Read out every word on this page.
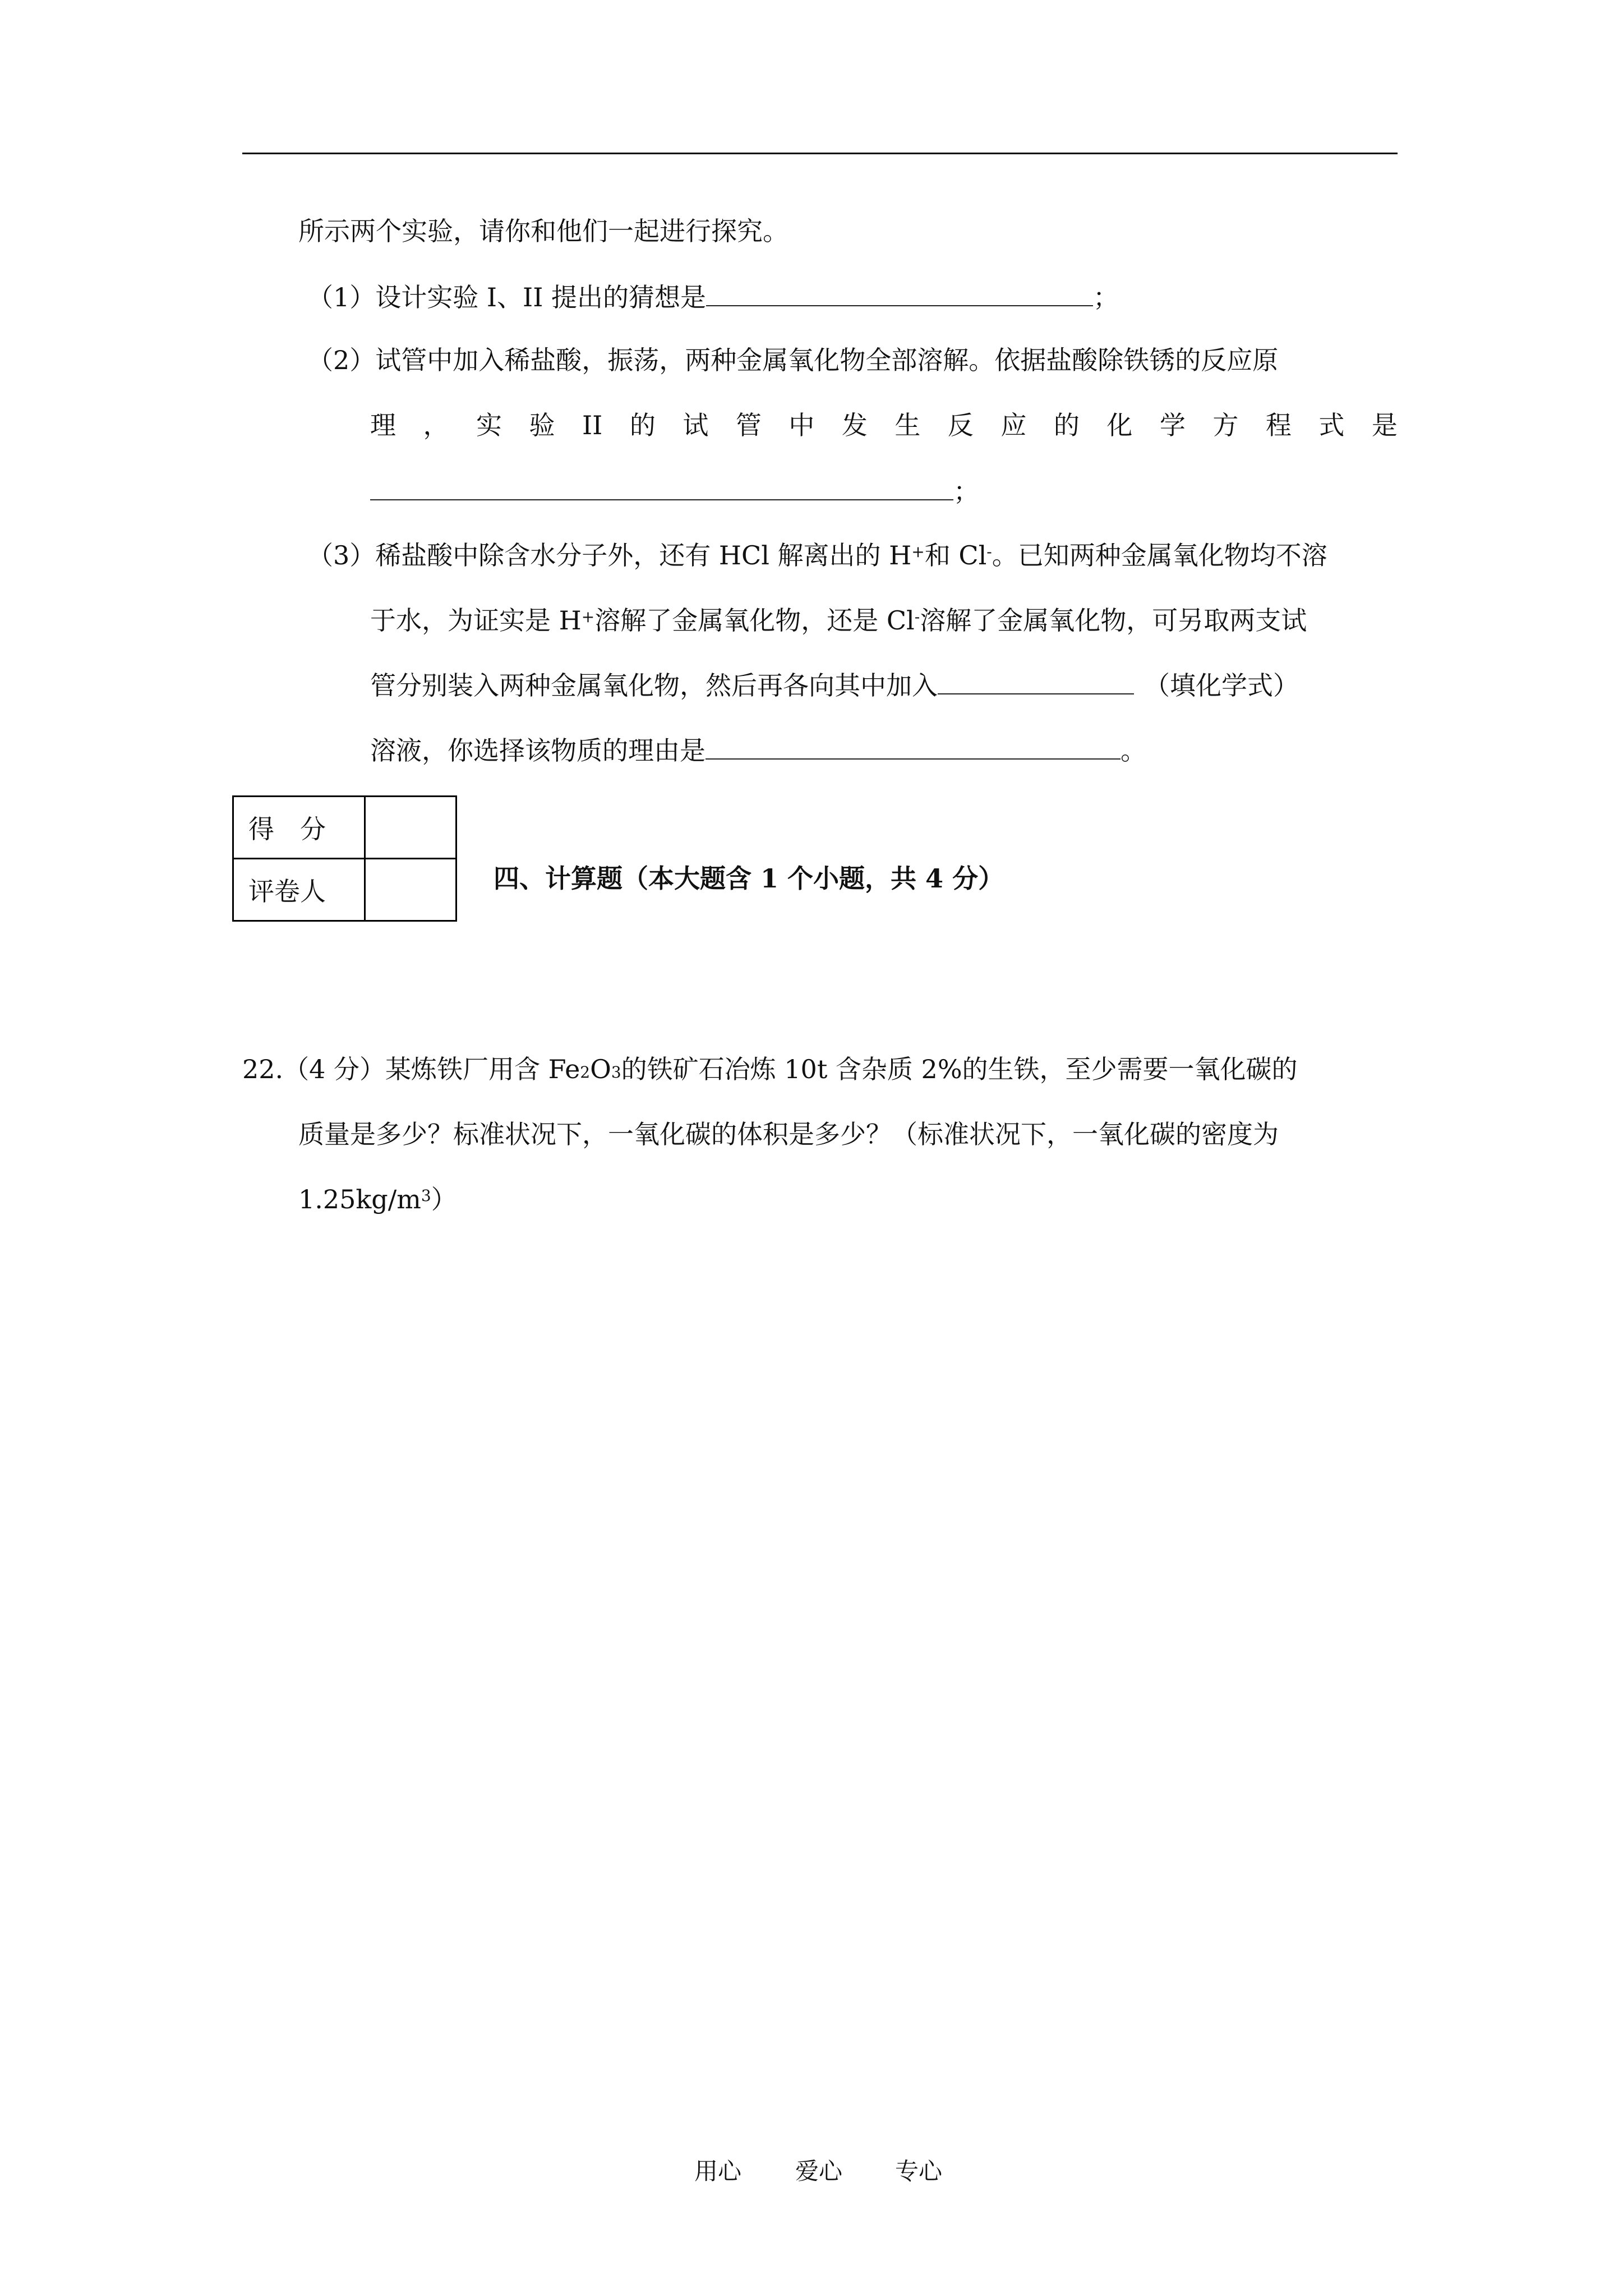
所示两个实验，请你和他们一起进行探究。
（1）设计实验 I、II 提出的猜想是	；
（2）试管中加入稀盐酸，振荡，两种金属氧化物全部溶解。依据盐酸除铁锈的反应原
理 ， 实 验 II 的 试 管 中 发 生 反 应 的 化 学 方 程 式 是
；
（3）稀盐酸中除含水分子外，还有 HCl 解离出的 H+和 Cl-。已知两种金属氧化物均不溶
于水，为证实是 H+溶解了金属氧化物，还是 Cl-溶解了金属氧化物，可另取两支试
管分别装入两种金属氧化物，然后再各向其中加入	（填化学式）
溶液，你选择该物质的理由是	。
得　分	
评卷人		四、计算题（本大题含 1 个小题，共 4 分）
22.（4 分）某炼铁厂用含 $Fe_2O_3$的铁矿石冶炼 10t 含杂质 2%的生铁，至少需要一氧化碳的
质量是多少？标准状况下，一氧化碳的体积是多少？（标准状况下，一氧化碳的密度为
$1.25kg/m^3$）
用心 爱心 专心
